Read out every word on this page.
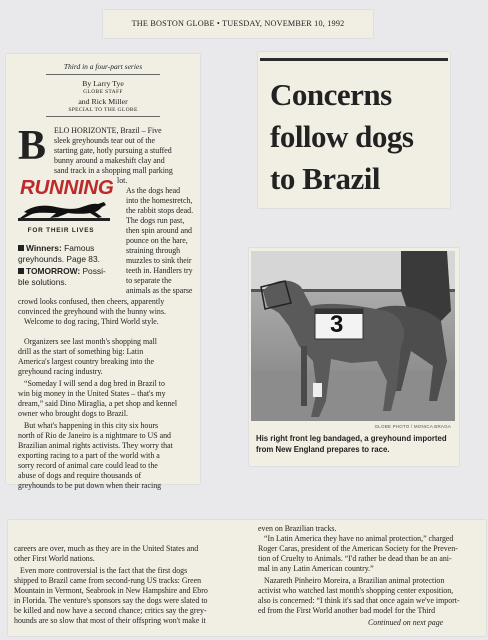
THE BOSTON GLOBE • TUESDAY, NOVEMBER 10, 1992
Third in a four-part series
By Larry Tye
GLOBE STAFF
and Rick Miller
SPECIAL TO THE GLOBE
B ELO HORIZONTE, Brazil – Five
sleek greyhounds tear out of the
starting gate, hotly pursuing a stuffed
bunny around a makeshift clay and
sand track in a shopping mall parking
lot.
RUNNING
FOR THEIR LIVES
As the dogs head
into the homestretch,
the rabbit stops dead.
The dogs run past,
then spin around and
pounce on the hare,
straining through
muzzles to sink their
teeth in. Handlers try
to separate the
animals as the sparse
Winners: Famous
greyhounds. Page 83.
TOMORROW: Possi-
ble solutions.
crowd looks confused, then cheers, apparently
convinced the greyhound with the bunny wins.
Welcome to dog racing, Third World style.
Organizers see last month's shopping mall
drill as the start of something big: Latin
America's largest country breaking into the
greyhound racing industry.
“Someday I will send a dog bred in Brazil to
win big money in the United States – that's my
dream,” said Dino Miraglia, a pet shop and kennel
owner who brought dogs to Brazil.
But what's happening in this city six hours
north of Rio de Janeiro is a nightmare to US and
Brazilian animal rights activists. They worry that
exporting racing to a part of the world with a
sorry record of animal care could lead to the
abuse of dogs and require thousands of
greyhounds to be put down when their racing
Concerns
follow dogs
to Brazil
3
GLOBE PHOTO / MONICA BRAGA
His right front leg bandaged, a greyhound imported
from New England prepares to race.
careers are over, much as they are in the United States and
other First World nations.
Even more controversial is the fact that the first dogs
shipped to Brazil came from second-rung US tracks: Green
Mountain in Vermont, Seabrook in New Hampshire and Ebro
in Florida. The venture's sponsors say the dogs were slated to
be killed and now have a second chance; critics say the grey-
hounds are so slow that most of their offspring won't make it
even on Brazilian tracks.
“In Latin America they have no animal protection,” charged
Roger Caras, president of the American Society for the Preven-
tion of Cruelty to Animals. “I'd rather be dead than be an ani-
mal in any Latin American country.”
Nazareth Pinheiro Moreira, a Brazilian animal protection
activist who watched last month's shopping center exposition,
also is concerned: “I think it's sad that once again we've import-
ed from the First World another bad model for the Third
Continued on next page
